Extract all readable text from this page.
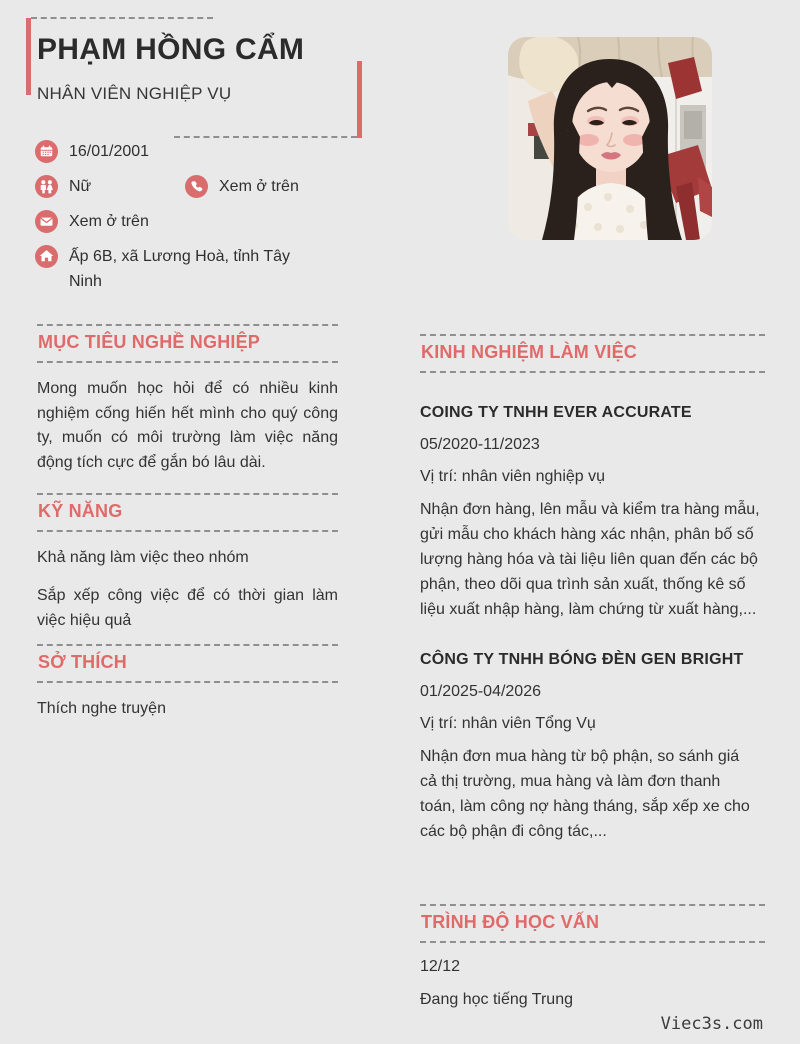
PHẠM HỒNG CẨM
NHÂN VIÊN NGHIỆP VỤ
16/01/2001
Nữ	Xem ở trên
Xem ở trên
Ấp 6B, xã Lương Hoà, tỉnh Tây Ninh
MỤC TIÊU NGHỀ NGHIỆP

Mong muốn học hỏi để có nhiều kinh nghiệm cống hiến hết mình cho quý công ty, muốn có môi trường làm việc năng động tích cực để gắn bó lâu dài.

KỸ NĂNG

Khả năng làm việc theo nhóm

Sắp xếp công việc để có thời gian làm việc hiệu quả

SỞ THÍCH

Thích nghe truyện

KINH NGHIỆM LÀM VIỆC
COING TY TNHH EVER ACCURATE
05/2020-11/2023
Vị trí: nhân viên nghiệp vụ
Nhận đơn hàng, lên mẫu và kiểm tra hàng mẫu, gửi mẫu cho khách hàng xác nhận, phân bố số lượng hàng hóa và tài liệu liên quan đến các bộ phận, theo dõi qua trình sản xuất, thống kê số liệu xuất nhập hàng, làm chứng từ xuất hàng,...
CÔNG TY TNHH BÓNG ĐÈN GEN BRIGHT
01/2025-04/2026
Vị trí: nhân viên Tổng Vụ
Nhận đơn mua hàng từ bộ phận, so sánh giá cả thị trường, mua hàng và làm đơn thanh toán, làm công nợ hàng tháng, sắp xếp xe cho các bộ phận đi công tác,...
TRÌNH ĐỘ HỌC VẤN

12/12

Đang học tiếng Trung

Viec3s.com
